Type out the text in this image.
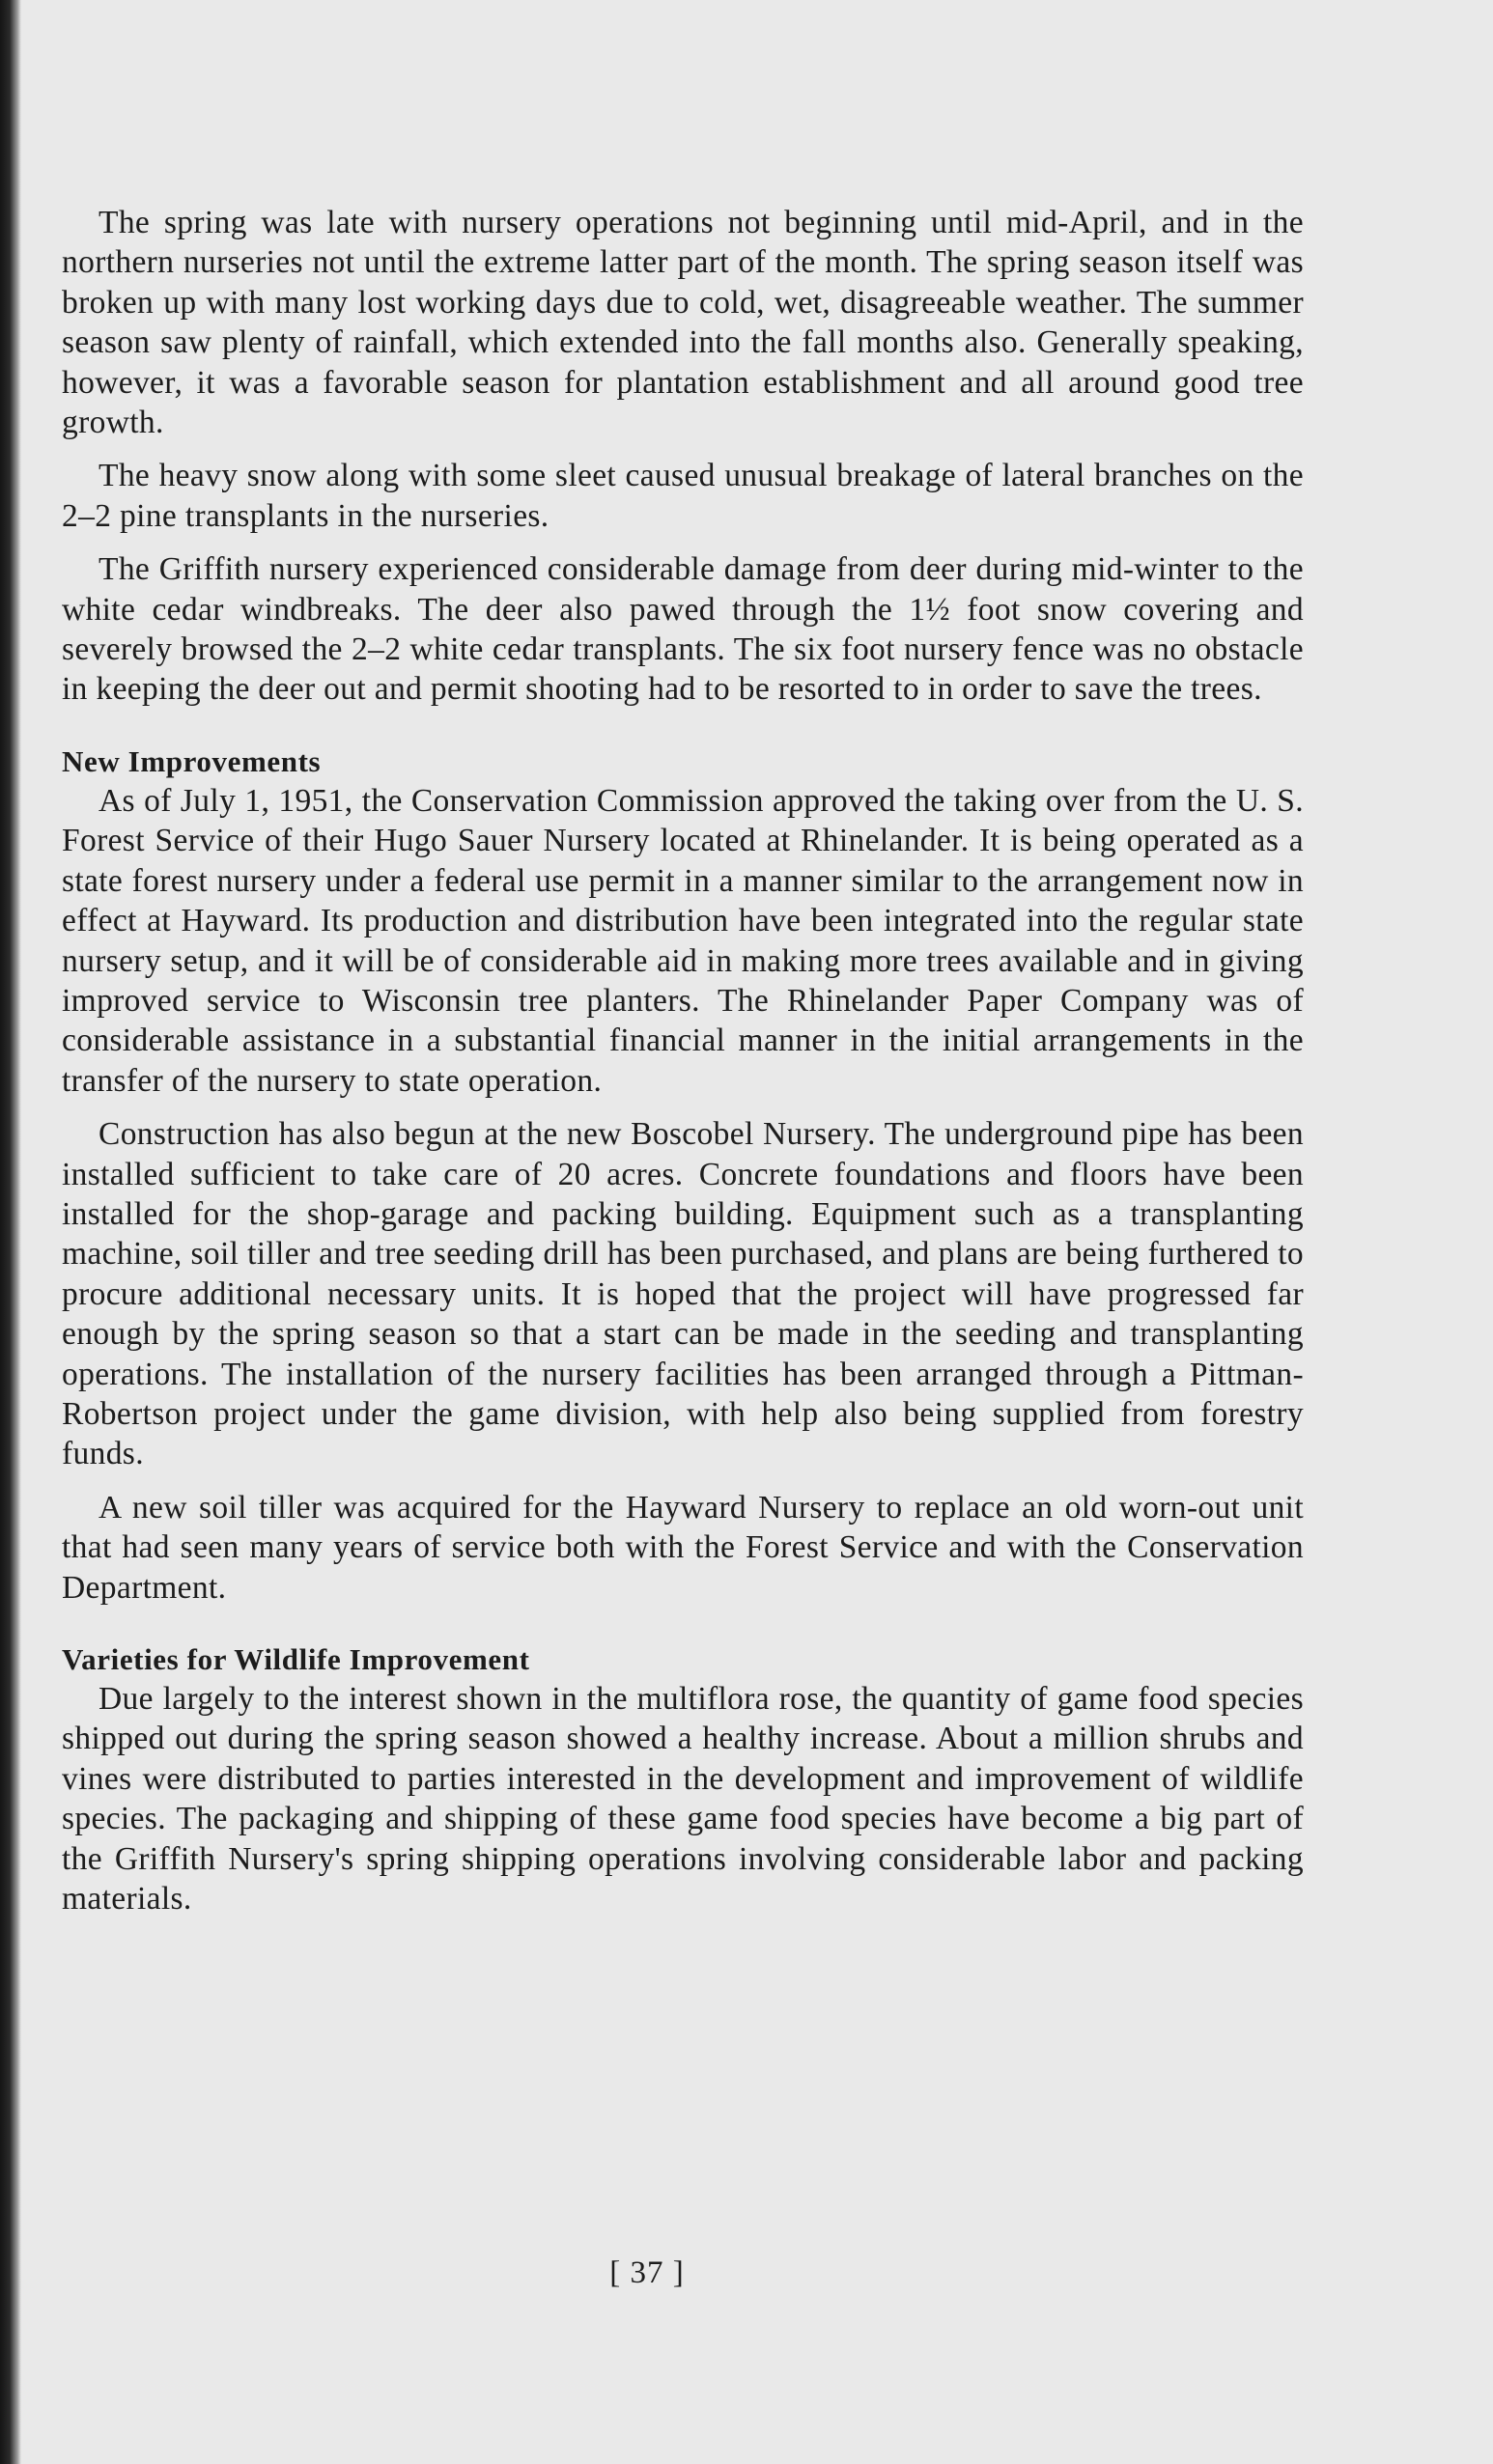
The spring was late with nursery operations not beginning until mid-April, and in the northern nurseries not until the extreme latter part of the month. The spring season itself was broken up with many lost working days due to cold, wet, disagreeable weather. The summer season saw plenty of rainfall, which extended into the fall months also. Generally speaking, however, it was a favorable season for plantation establishment and all around good tree growth.

The heavy snow along with some sleet caused unusual breakage of lateral branches on the 2–2 pine transplants in the nurseries.

The Griffith nursery experienced considerable damage from deer during mid-winter to the white cedar windbreaks. The deer also pawed through the 1½ foot snow covering and severely browsed the 2–2 white cedar transplants. The six foot nursery fence was no obstacle in keeping the deer out and permit shooting had to be resorted to in order to save the trees.

New Improvements

As of July 1, 1951, the Conservation Commission approved the taking over from the U. S. Forest Service of their Hugo Sauer Nursery located at Rhinelander. It is being operated as a state forest nursery under a federal use permit in a manner similar to the arrangement now in effect at Hayward. Its production and distribution have been integrated into the regular state nursery setup, and it will be of considerable aid in making more trees available and in giving improved service to Wisconsin tree planters. The Rhinelander Paper Company was of considerable assistance in a substantial financial manner in the initial arrangements in the transfer of the nursery to state operation.

Construction has also begun at the new Boscobel Nursery. The underground pipe has been installed sufficient to take care of 20 acres. Concrete foundations and floors have been installed for the shop-garage and packing building. Equipment such as a transplanting machine, soil tiller and tree seeding drill has been purchased, and plans are being furthered to procure additional necessary units. It is hoped that the project will have progressed far enough by the spring season so that a start can be made in the seeding and transplanting operations. The installation of the nursery facilities has been arranged through a Pittman-Robertson project under the game division, with help also being supplied from forestry funds.

A new soil tiller was acquired for the Hayward Nursery to replace an old worn-out unit that had seen many years of service both with the Forest Service and with the Conservation Department.

Varieties for Wildlife Improvement

Due largely to the interest shown in the multiflora rose, the quantity of game food species shipped out during the spring season showed a healthy increase. About a million shrubs and vines were distributed to parties interested in the development and improvement of wildlife species. The packaging and shipping of these game food species have become a big part of the Griffith Nursery's spring shipping operations involving considerable labor and packing materials.

[ 37 ]
